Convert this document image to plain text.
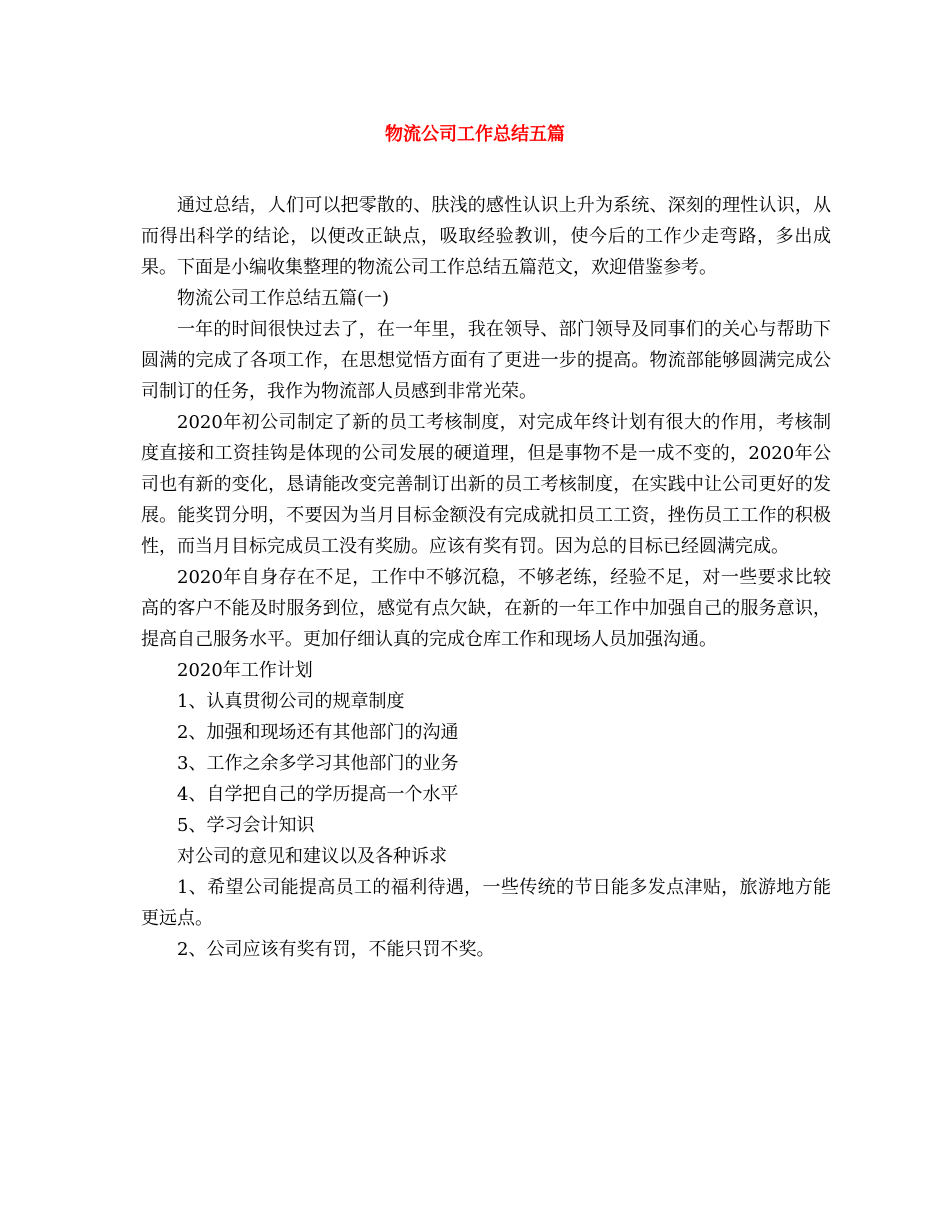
物流公司工作总结五篇

通过总结，人们可以把零散的、肤浅的感性认识上升为系统、深刻的理性认识，从而得出科学的结论，以便改正缺点，吸取经验教训，使今后的工作少走弯路，多出成果。下面是小编收集整理的物流公司工作总结五篇范文，欢迎借鉴参考。

物流公司工作总结五篇(一)

一年的时间很快过去了，在一年里，我在领导、部门领导及同事们的关心与帮助下圆满的完成了各项工作，在思想觉悟方面有了更进一步的提高。物流部能够圆满完成公司制订的任务，我作为物流部人员感到非常光荣。

2020年初公司制定了新的员工考核制度，对完成年终计划有很大的作用，考核制度直接和工资挂钩是体现的公司发展的硬道理，但是事物不是一成不变的，2020年公司也有新的变化，恳请能改变完善制订出新的员工考核制度，在实践中让公司更好的发展。能奖罚分明，不要因为当月目标金额没有完成就扣员工工资，挫伤员工工作的积极性，而当月目标完成员工没有奖励。应该有奖有罚。因为总的目标已经圆满完成。

2020年自身存在不足，工作中不够沉稳，不够老练，经验不足，对一些要求比较高的客户不能及时服务到位，感觉有点欠缺，在新的一年工作中加强自己的服务意识，提高自己服务水平。更加仔细认真的完成仓库工作和现场人员加强沟通。

2020年工作计划

1、认真贯彻公司的规章制度

2、加强和现场还有其他部门的沟通

3、工作之余多学习其他部门的业务

4、自学把自己的学历提高一个水平

5、学习会计知识

对公司的意见和建议以及各种诉求

1、希望公司能提高员工的福利待遇，一些传统的节日能多发点津贴，旅游地方能更远点。

2、公司应该有奖有罚，不能只罚不奖。
